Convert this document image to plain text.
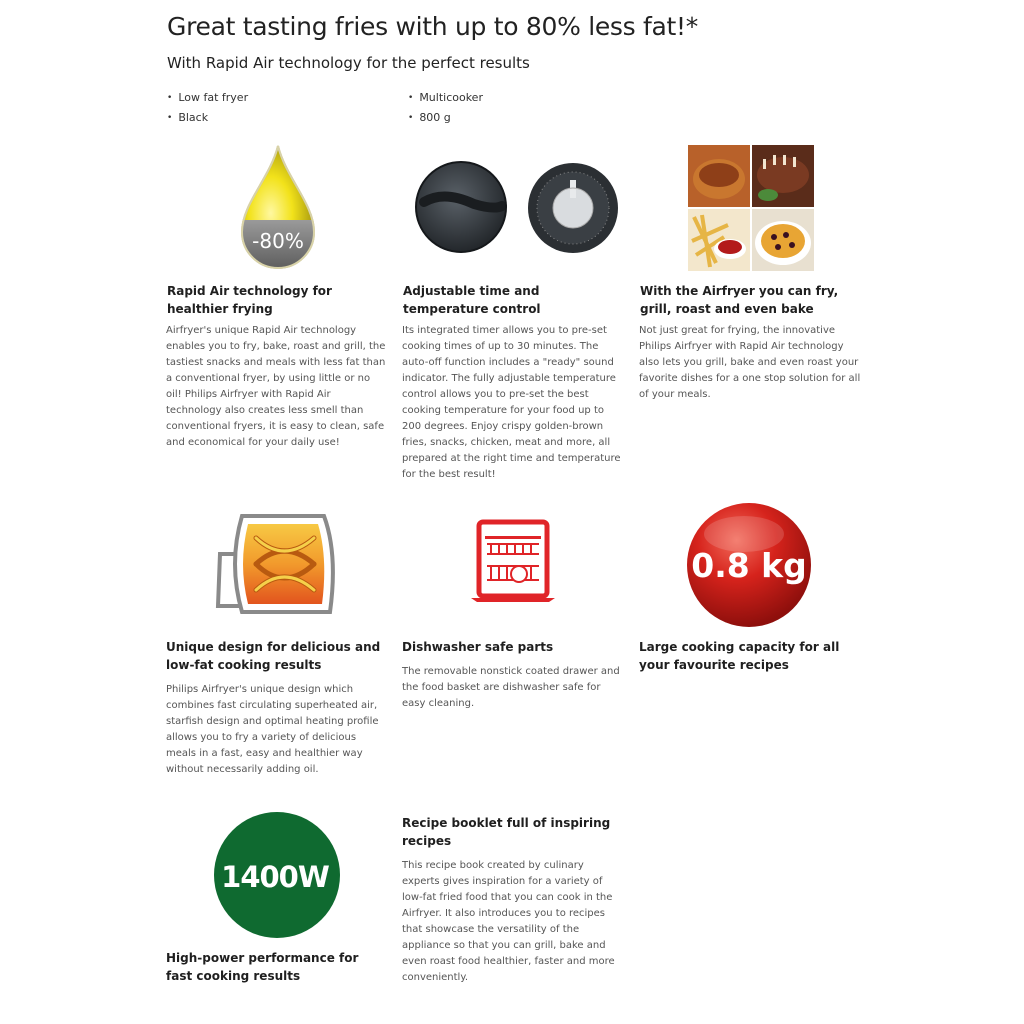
Great tasting fries with up to 80% less fat!*
With Rapid Air technology for the perfect results
• Low fat fryer
• Black
• Multicooker
• 800 g
-80%
Rapid Air technology for healthier frying
Airfryer's unique Rapid Air technology enables you to fry, bake, roast and grill, the tastiest snacks and meals with less fat than a conventional fryer, by using little or no oil! Philips Airfryer with Rapid Air technology also creates less smell than conventional fryers, it is easy to clean, safe and economical for your daily use!
Adjustable time and temperature control
Its integrated timer allows you to pre-set cooking times of up to 30 minutes. The auto-off function includes a "ready" sound indicator. The fully adjustable temperature control allows you to pre-set the best cooking temperature for your food up to 200 degrees. Enjoy crispy golden-brown fries, snacks, chicken, meat and more, all prepared at the right time and temperature for the best result!
With the Airfryer you can fry, grill, roast and even bake
Not just great for frying, the innovative Philips Airfryer with Rapid Air technology also lets you grill, bake and even roast your favorite dishes for a one stop solution for all of your meals.
0.8 kg
Unique design for delicious and low-fat cooking results
Philips Airfryer's unique design which combines fast circulating superheated air, starfish design and optimal heating profile allows you to fry a variety of delicious meals in a fast, easy and healthier way without necessarily adding oil.
Dishwasher safe parts
The removable nonstick coated drawer and the food basket are dishwasher safe for easy cleaning.
Large cooking capacity for all your favourite recipes
1400W
High-power performance for fast cooking results
Recipe booklet full of inspiring recipes
This recipe book created by culinary experts gives inspiration for a variety of low-fat fried food that you can cook in the Airfryer. It also introduces you to recipes that showcase the versatility of the appliance so that you can grill, bake and even roast food healthier, faster and more conveniently.
